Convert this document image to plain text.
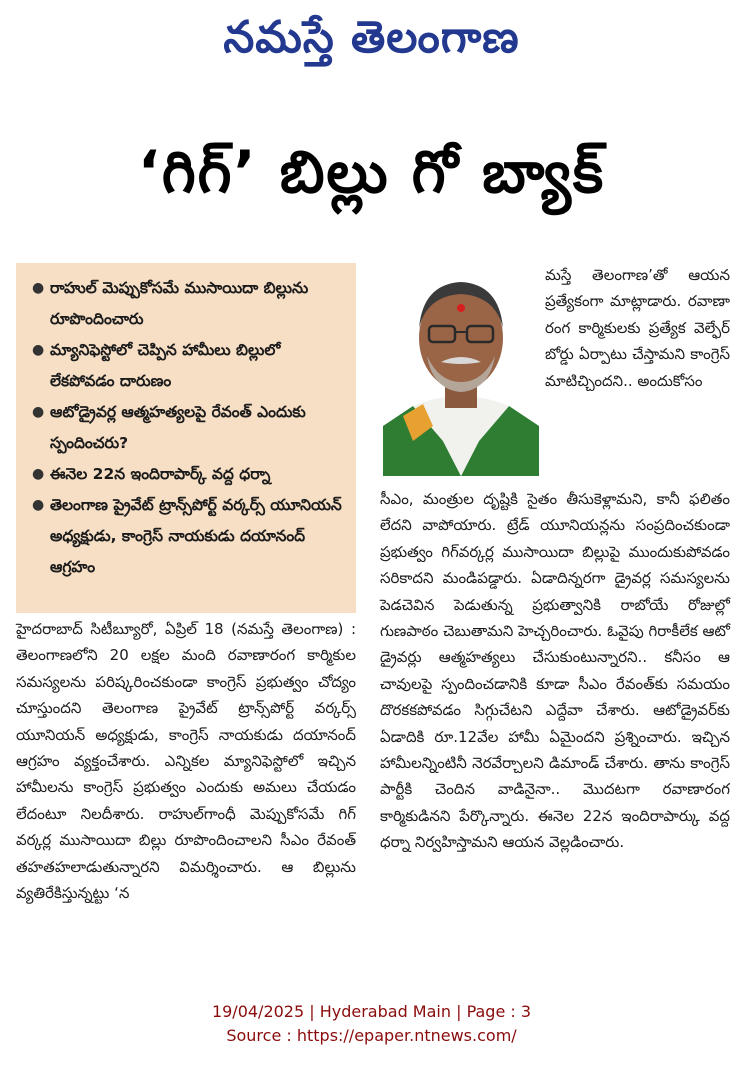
నమస్తే తెలంగాణ
‘గిగ్’ బిల్లు గో బ్యాక్
● రాహుల్ మెప్పుకోసమే ముసాయిదా బిల్లును రూపొందించారు
● మ్యానిఫెస్టోలో చెప్పిన హామీలు బిల్లులో లేకపోవడం దారుణం
● ఆటోడ్రైవర్ల ఆత్మహత్యలపై రేవంత్ ఎందుకు స్పందించరు?
● ఈనెల 22న ఇందిరాపార్క్ వద్ద ధర్నా
● తెలంగాణ ప్రైవేట్ ట్రాన్స్‌పోర్ట్ వర్కర్స్ యూనియన్ అధ్యక్షుడు, కాంగ్రెస్ నాయకుడు దయానంద్ ఆగ్రహం

మస్తే తెలంగాణ’తో ఆయన ప్రత్యేకంగా మాట్లాడారు. రవాణా రంగ కార్మికులకు ప్రత్యేక వెల్ఫేర్ బోర్డు ఏర్పాటు చేస్తామని కాంగ్రెస్ మాటిచ్చిందని.. అందుకోసం

సీఎం, మంత్రుల దృష్టికి సైతం తీసుకెళ్లామని, కానీ ఫలితం లేదని వాపోయారు. ట్రేడ్ యూనియన్లను సంప్రదించకుండా ప్రభుత్వం గిగ్‌వర్కర్ల ముసాయిదా బిల్లుపై ముందుకుపోవడం సరికాదని మండిపడ్డారు. ఏడాదిన్నరగా డ్రైవర్ల సమస్యలను పెడచెవిన పెడుతున్న ప్రభుత్వానికి రాబోయే రోజుల్లో గుణపాఠం చెబుతామని హెచ్చరించారు. ఓవైపు గిరాకీలేక ఆటో డ్రైవర్లు ఆత్మహత్యలు చేసుకుంటున్నారని.. కనీసం ఆ చావులపై స్పందించడానికి కూడా సీఎం రేవంత్‌కు సమయం దొరకకపోవడం సిగ్గుచేటని ఎద్దేవా చేశారు. ఆటోడ్రైవర్‌కు ఏడాదికి రూ.12వేల హామీ ఏమైందని ప్రశ్నించారు. ఇచ్చిన హామీలన్నింటినీ నెరవేర్చాలని డిమాండ్ చేశారు. తాను కాంగ్రెస్ పార్టీకి చెందిన వాడినైనా.. మొదటగా రవాణారంగ కార్మికుడినని పేర్కొన్నారు. ఈనెల 22న ఇందిరాపార్కు వద్ద ధర్నా నిర్వహిస్తామని ఆయన వెల్లడించారు.

హైదరాబాద్ సిటీబ్యూరో, ఏప్రిల్ 18 (నమస్తే తెలంగాణ) : తెలంగాణలోని 20 లక్షల మంది రవాణారంగ కార్మికుల సమస్యలను పరిష్కరించకుండా కాంగ్రెస్ ప్రభుత్వం చోద్యం చూస్తుందని తెలంగాణ ప్రైవేట్ ట్రాన్స్‌పోర్ట్ వర్కర్స్ యూనియన్ అధ్యక్షుడు, కాంగ్రెస్ నాయకుడు దయానంద్ ఆగ్రహం వ్యక్తంచేశారు. ఎన్నికల మ్యానిఫెస్టోలో ఇచ్చిన హామీలను కాంగ్రెస్ ప్రభుత్వం ఎందుకు అమలు చేయడం లేదంటూ నిలదీశారు. రాహుల్‌గాంధీ మెప్పుకోసమే గిగ్ వర్కర్ల ముసాయిదా బిల్లు రూపొందించాలని సీఎం రేవంత్ తహతహలాడుతున్నారని విమర్శించారు. ఆ బిల్లును వ్యతిరేకిస్తున్నట్టు ‘న

19/04/2025 | Hyderabad Main | Page : 3
Source : https://epaper.ntnews.com/
